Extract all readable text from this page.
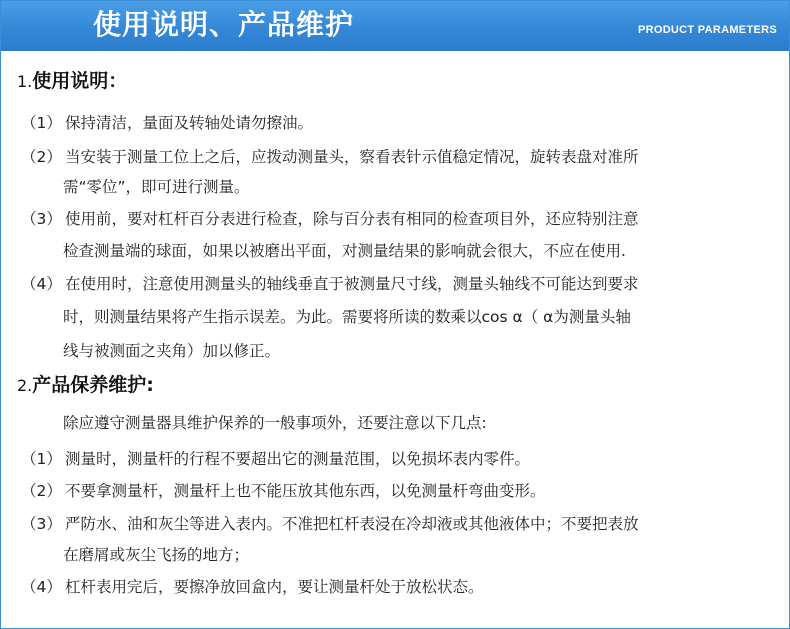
使用说明、产品维护	PRODUCT PARAMETERS
1.使用说明：
（1） 保持清洁，量面及转轴处请勿擦油。
（2） 当安装于测量工位上之后，应拨动测量头，察看表针示值稳定情况，旋转表盘对准所
需“零位”，即可进行测量。
（3） 使用前，要对杠杆百分表进行检查，除与百分表有相同的检查项目外，还应特别注意
检查测量端的球面，如果以被磨出平面，对测量结果的影响就会很大，不应在使用.
（4） 在使用时，注意使用测量头的轴线垂直于被测量尺寸线，测量头轴线不可能达到要求
时，则测量结果将产生指示误差。为此。需要将所读的数乘以cos α（ α为测量头轴
线与被测面之夹角）加以修正。
2.产品保养维护:
除应遵守测量器具维护保养的一般事项外，还要注意以下几点:
（1） 测量时，测量杆的行程不要超出它的测量范围，以免损坏表内零件。
（2） 不要拿测量杆，测量杆上也不能压放其他东西，以免测量杆弯曲变形。
（3） 严防水、油和灰尘等进入表内。不准把杠杆表浸在冷却液或其他液体中；不要把表放
在磨屑或灰尘飞扬的地方；
（4） 杠杆表用完后，要擦净放回盒内，要让测量杆处于放松状态。
